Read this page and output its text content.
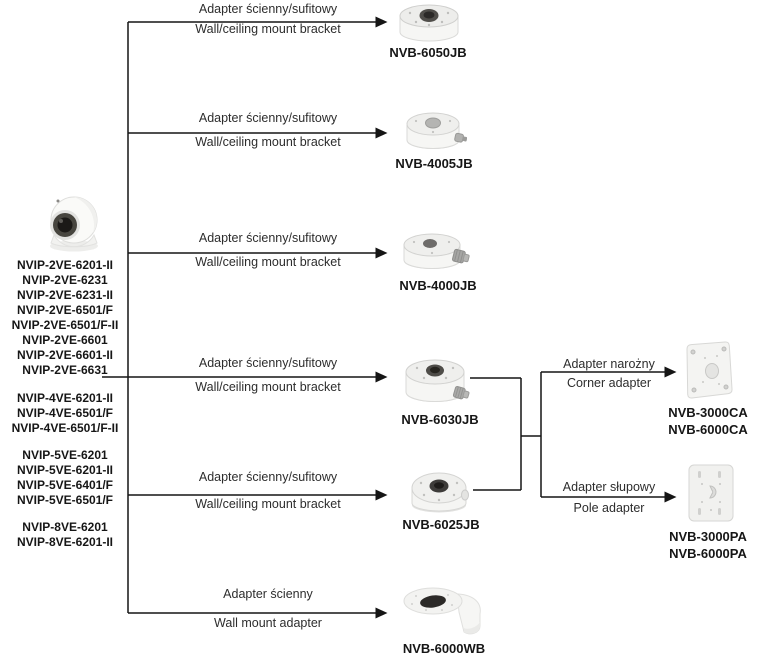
NVIP-2VE-6201-II
NVIP-2VE-6231
NVIP-2VE-6231-II
NVIP-2VE-6501/F
NVIP-2VE-6501/F-II
NVIP-2VE-6601
NVIP-2VE-6601-II
NVIP-2VE-6631
NVIP-4VE-6201-II
NVIP-4VE-6501/F
NVIP-4VE-6501/F-II
NVIP-5VE-6201
NVIP-5VE-6201-II
NVIP-5VE-6401/F
NVIP-5VE-6501/F
NVIP-8VE-6201
NVIP-8VE-6201-II
Adapter ścienny/sufitowy
Wall/ceiling mount bracket
Adapter ścienny/sufitowy
Wall/ceiling mount bracket
Adapter ścienny/sufitowy
Wall/ceiling mount bracket
Adapter ścienny/sufitowy
Wall/ceiling mount bracket
Adapter ścienny/sufitowy
Wall/ceiling mount bracket
Adapter ścienny
Wall mount adapter
Adapter narożny
Corner adapter
Adapter słupowy
Pole adapter
NVB-6050JB
NVB-4005JB
NVB-4000JB
NVB-6030JB
NVB-6025JB
NVB-6000WB
NVB-3000CA
NVB-6000CA
NVB-3000PA
NVB-6000PA
